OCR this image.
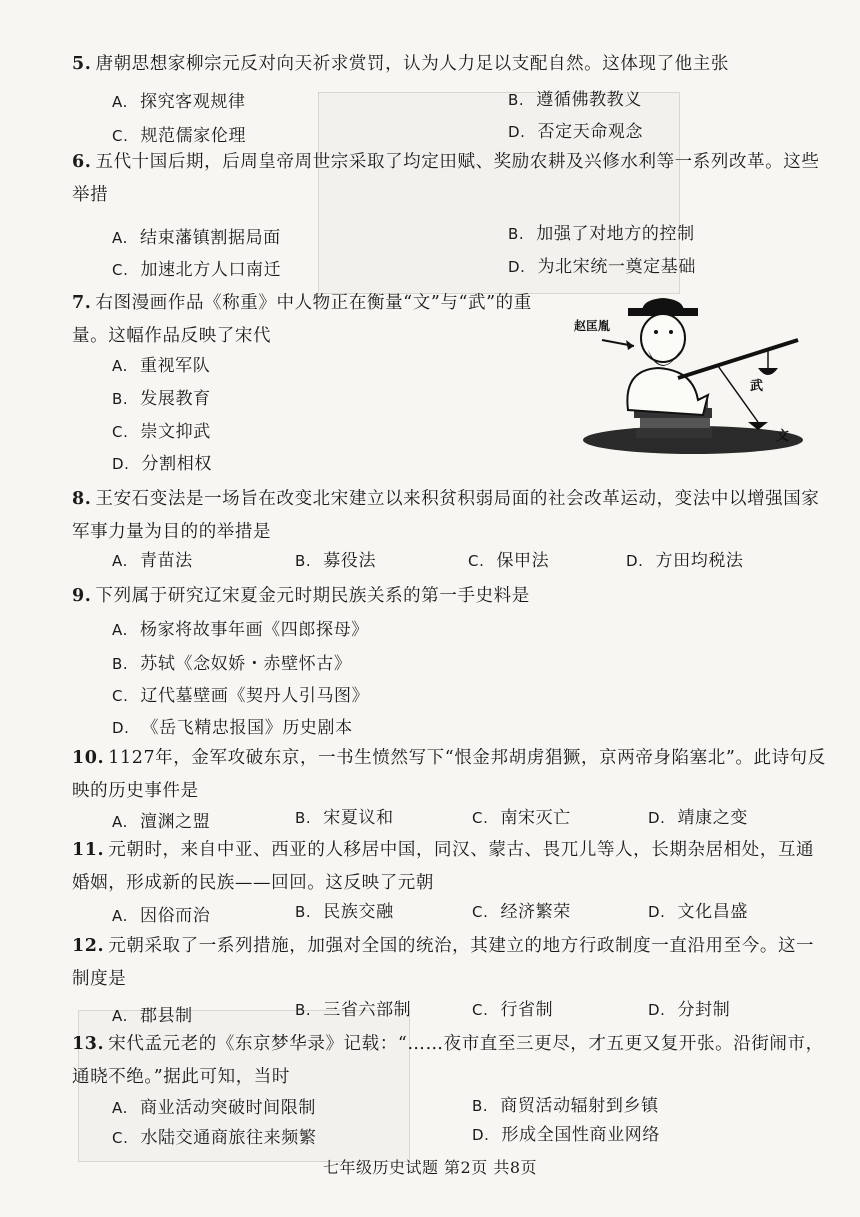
5. 唐朝思想家柳宗元反对向天祈求赏罚，认为人力足以支配自然。这体现了他主张
A. 探究客观规律	B. 遵循佛教教义
C. 规范儒家伦理	D. 否定天命观念
6. 五代十国后期，后周皇帝周世宗采取了均定田赋、奖励农耕及兴修水利等一系列改革。这些举措
A. 结束藩镇割据局面	B. 加强了对地方的控制
C. 加速北方人口南迁	D. 为北宋统一奠定基础
7. 右图漫画作品《称重》中人物正在衡量“文”与“武”的重量。这幅作品反映了宋代
A. 重视军队
B. 发展教育
C. 崇文抑武
D. 分割相权
赵匡胤
武
文
8. 王安石变法是一场旨在改变北宋建立以来积贫积弱局面的社会改革运动，变法中以增强国家军事力量为目的的举措是
A. 青苗法	B. 募役法	C. 保甲法	D. 方田均税法
9. 下列属于研究辽宋夏金元时期民族关系的第一手史料是
A. 杨家将故事年画《四郎探母》
B. 苏轼《念奴娇・赤壁怀古》
C. 辽代墓壁画《契丹人引马图》
D. 《岳飞精忠报国》历史剧本
10. 1127年，金军攻破东京，一书生愤然写下“恨金邦胡虏猖獗，京两帝身陷塞北”。此诗句反映的历史事件是
A. 澶渊之盟	B. 宋夏议和	C. 南宋灭亡	D. 靖康之变
11. 元朝时，来自中亚、西亚的人移居中国，同汉、蒙古、畏兀儿等人，长期杂居相处，互通婚姻，形成新的民族——回回。这反映了元朝
A. 因俗而治	B. 民族交融	C. 经济繁荣	D. 文化昌盛
12. 元朝采取了一系列措施，加强对全国的统治，其建立的地方行政制度一直沿用至今。这一制度是
A. 郡县制	B. 三省六部制	C. 行省制	D. 分封制
13. 宋代孟元老的《东京梦华录》记载：“……夜市直至三更尽，才五更又复开张。沿街闹市，通晓不绝。”据此可知，当时
A. 商业活动突破时间限制	B. 商贸活动辐射到乡镇
C. 水陆交通商旅往来频繁	D. 形成全国性商业网络
七年级历史试题 第2页 共8页
